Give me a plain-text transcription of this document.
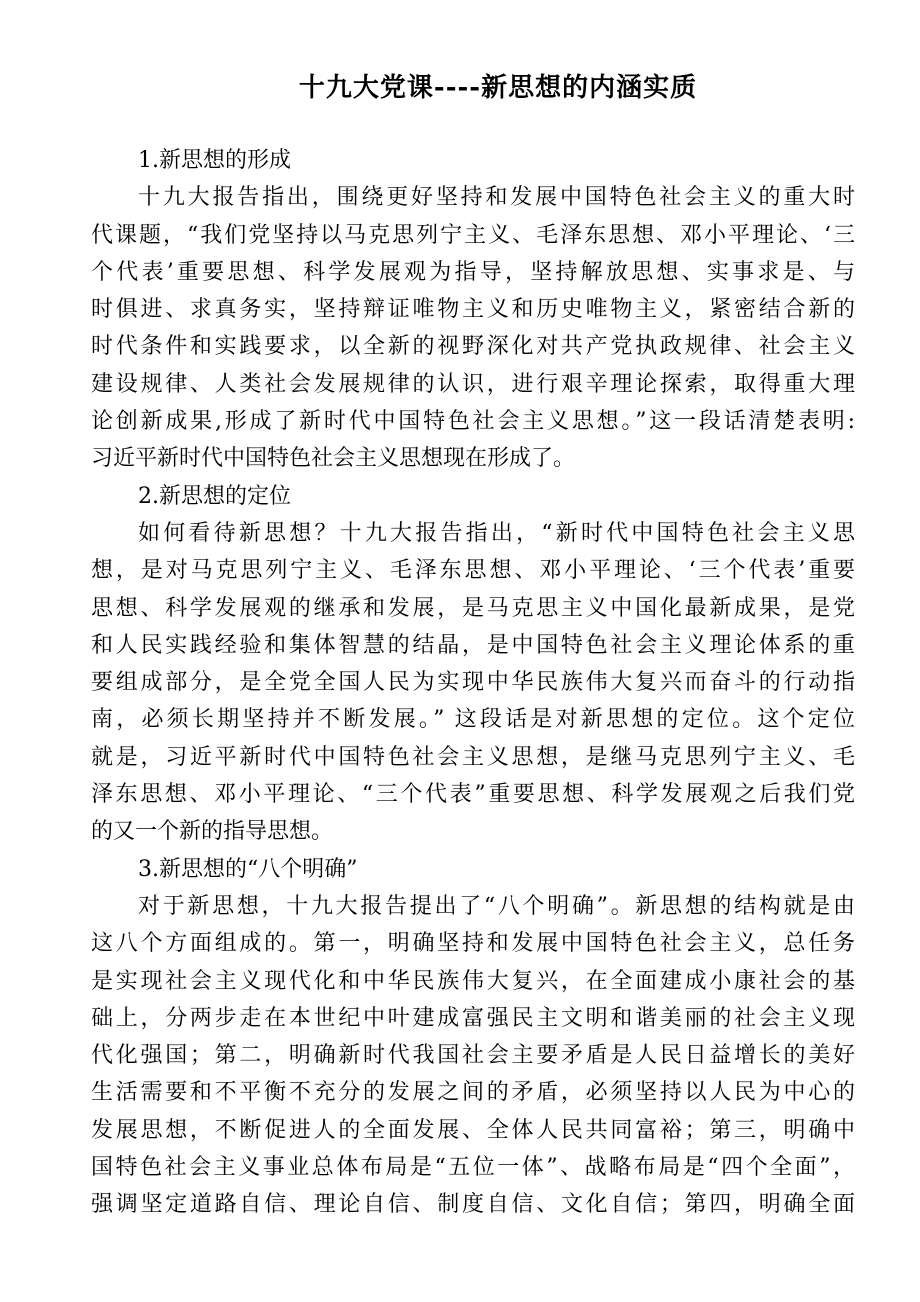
十九大党课----新思想的内涵实质
1.新思想的形成
十九大报告指出，围绕更好坚持和发展中国特色社会主义的重大时
代课题，“我们党坚持以马克思列宁主义、毛泽东思想、邓小平理论、‘三
个代表’重要思想、科学发展观为指导，坚持解放思想、实事求是、与
时俱进、求真务实，坚持辩证唯物主义和历史唯物主义，紧密结合新的
时代条件和实践要求，以全新的视野深化对共产党执政规律、社会主义
建设规律、人类社会发展规律的认识，进行艰辛理论探索，取得重大理
论创新成果,形成了新时代中国特色社会主义思想。”这一段话清楚表明:
习近平新时代中国特色社会主义思想现在形成了。
2.新思想的定位
如何看待新思想？十九大报告指出，“新时代中国特色社会主义思
想，是对马克思列宁主义、毛泽东思想、邓小平理论、‘三个代表’重要
思想、科学发展观的继承和发展，是马克思主义中国化最新成果，是党
和人民实践经验和集体智慧的结晶，是中国特色社会主义理论体系的重
要组成部分，是全党全国人民为实现中华民族伟大复兴而奋斗的行动指
南，必须长期坚持并不断发展。” 这段话是对新思想的定位。这个定位
就是，习近平新时代中国特色社会主义思想，是继马克思列宁主义、毛
泽东思想、邓小平理论、“三个代表”重要思想、科学发展观之后我们党
的又一个新的指导思想。
3.新思想的“八个明确”
对于新思想，十九大报告提出了“八个明确”。新思想的结构就是由
这八个方面组成的。第一，明确坚持和发展中国特色社会主义，总任务
是实现社会主义现代化和中华民族伟大复兴，在全面建成小康社会的基
础上，分两步走在本世纪中叶建成富强民主文明和谐美丽的社会主义现
代化强国；第二，明确新时代我国社会主要矛盾是人民日益增长的美好
生活需要和不平衡不充分的发展之间的矛盾，必须坚持以人民为中心的
发展思想，不断促进人的全面发展、全体人民共同富裕；第三，明确中
国特色社会主义事业总体布局是“五位一体”、战略布局是“四个全面”，
强调坚定道路自信、理论自信、制度自信、文化自信；第四，明确全面
